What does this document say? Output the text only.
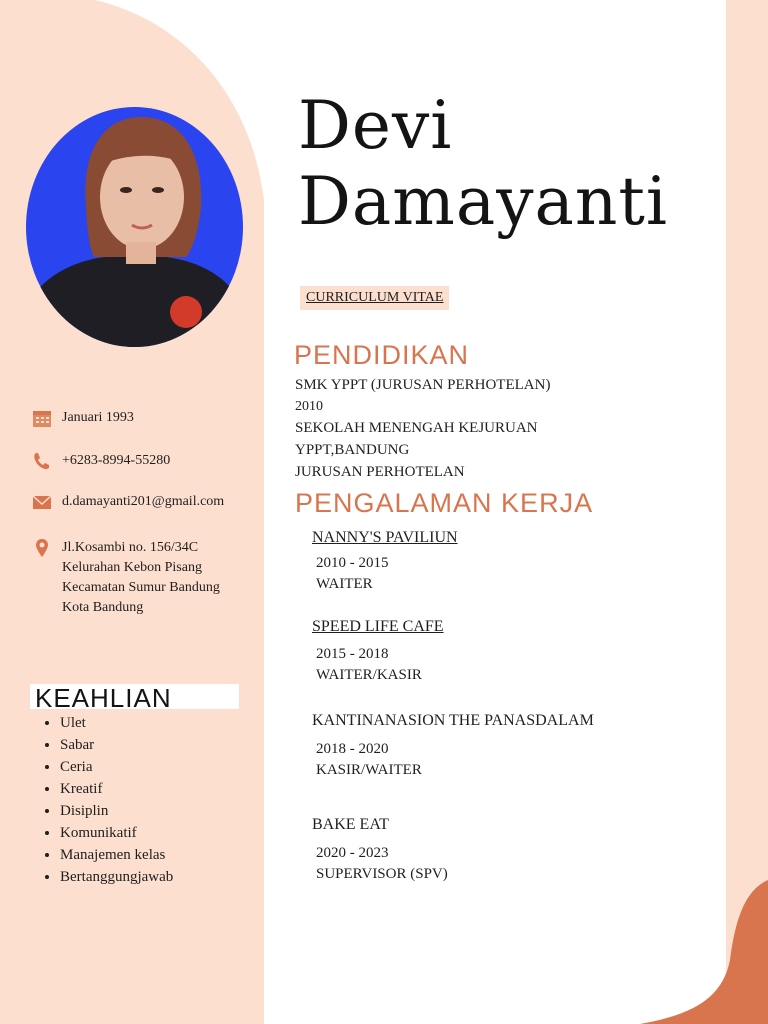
Devi
Damayanti
CURRICULUM VITAE
Januari 1993
+6283-8994-55280
d.damayanti201@gmail.com
Jl.Kosambi no. 156/34C
Kelurahan Kebon Pisang
Kecamatan Sumur Bandung
Kota Bandung
KEAHLIAN
• Ulet
• Sabar
• Ceria
• Kreatif
• Disiplin
• Komunikatif
• Manajemen kelas
• Bertanggungjawab
PENDIDIKAN
SMK YPPT (JURUSAN PERHOTELAN)
2010
SEKOLAH MENENGAH KEJURUAN
YPPT,BANDUNG
JURUSAN PERHOTELAN
PENGALAMAN KERJA
NANNY'S PAVILIUN
2010 - 2015
WAITER
SPEED LIFE CAFE
2015 - 2018
WAITER/KASIR
KANTINANASION THE PANASDALAM
2018 - 2020
KASIR/WAITER
BAKE EAT
2020 - 2023
SUPERVISOR (SPV)
